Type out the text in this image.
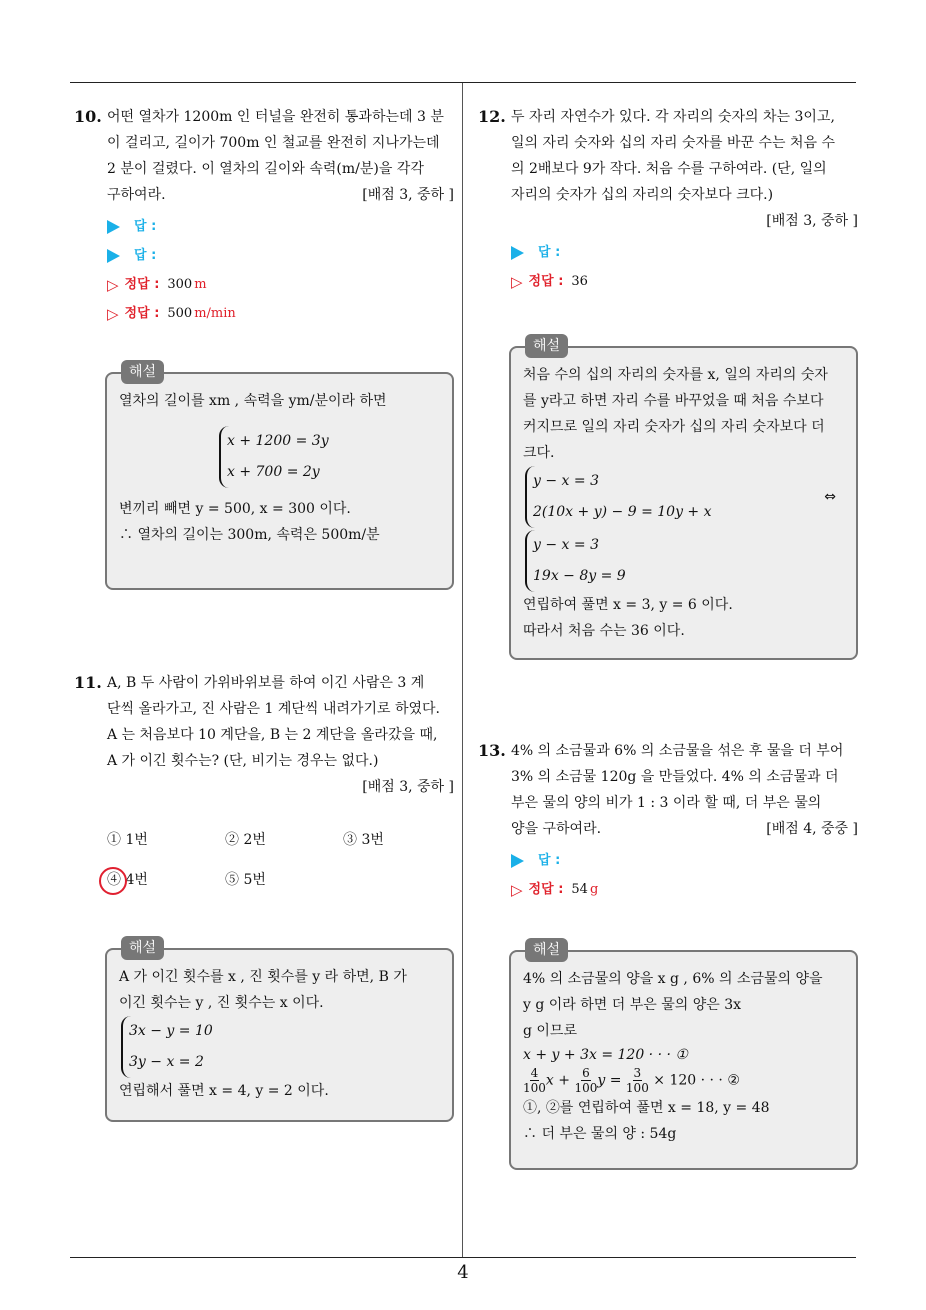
10. 어떤 열차가 1200m 인 터널을 완전히 통과하는데 3 분

이 걸리고, 길이가 700m 인 철교를 완전히 지나가는데

2 분이 걸렸다. 이 열차의 길이와 속력(m/분)을 각각

구하여라.	[배점 3, 중하 ]

답 :
답 :
▷ 정답 : 300 m
▷ 정답 : 500 m/min
해설

열차의 길이를 xm , 속력을 ym/분이라 하면

x + 1200 = 3y
x + 700 = 2y

변끼리 빼면 y = 500, x = 300 이다.

∴ 열차의 길이는 300m, 속력은 500m/분

11. A, B 두 사람이 가위바위보를 하여 이긴 사람은 3 계

단씩 올라가고, 진 사람은 1 계단씩 내려가기로 하였다.

A 는 처음보다 10 계단을, B 는 2 계단을 올라갔을 때,

A 가 이긴 횟수는? (단, 비기는 경우는 없다.)

[배점 3, 중하 ]

① 1번	② 2번	③ 3번
④ 4번	⑤ 5번
해설

A 가 이긴 횟수를 x , 진 횟수를 y 라 하면, B 가

이긴 횟수는 y , 진 횟수는 x 이다.

3x − y = 10
3y − x = 2

연립해서 풀면 x = 4, y = 2 이다.

12. 두 자리 자연수가 있다. 각 자리의 숫자의 차는 3이고,

일의 자리 숫자와 십의 자리 숫자를 바꾼 수는 처음 수

의 2배보다 9가 작다. 처음 수를 구하여라. (단, 일의

자리의 숫자가 십의 자리의 숫자보다 크다.)

[배점 3, 중하 ]

답 :
▷ 정답 : 36
해설

처음 수의 십의 자리의 숫자를 x, 일의 자리의 숫자

를 y라고 하면 자리 수를 바꾸었을 때 처음 수보다

커지므로 일의 자리 숫자가 십의 자리 숫자보다 더

크다.

y − x = 3
2(10x + y) − 9 = 10y + x
⇔
y − x = 3
19x − 8y = 9

연립하여 풀면 x = 3, y = 6 이다.

따라서 처음 수는 36 이다.

13. 4% 의 소금물과 6% 의 소금물을 섞은 후 물을 더 부어

3% 의 소금물 120g 을 만들었다. 4% 의 소금물과 더

부은 물의 양의 비가 1 : 3 이라 할 때, 더 부은 물의

양을 구하여라.	[배점 4, 중중 ]

답 :
▷ 정답 : 54 g
해설

4% 의 소금물의 양을 x g , 6% 의 소금물의 양을

y g 이라 하면 더 부은 물의 양은 3x

g 이므로

x + y + 3x = 120 · · · ①

$\frac{4}{100}$ $x + \frac{6}{100}$ $y = \frac{3}{100} \times 120$ · · · ②

①, ②를 연립하여 풀면 x = 18, y = 48

∴ 더 부은 물의 양 : 54g

4
